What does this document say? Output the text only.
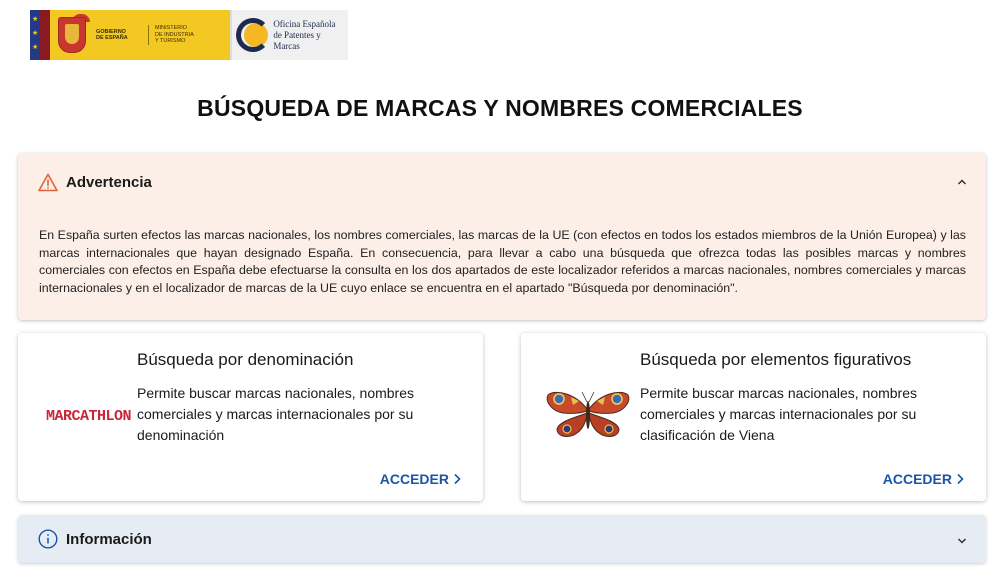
★
★
★
GOBIERNO
DE ESPAÑA
MINISTERIO
DE INDUSTRIA
Y TURISMO
Oficina Española
de Patentes y Marcas
BÚSQUEDA DE MARCAS Y NOMBRES COMERCIALES
Advertencia

En España surten efectos las marcas nacionales, los nombres comerciales, las marcas de la UE (con efectos en todos los estados miembros de la Unión Europea) y las marcas internacionales que hayan designado España. En consecuencia, para llevar a cabo una búsqueda que ofrezca todas las posibles marcas y nombres comerciales con efectos en España debe efectuarse la consulta en los dos apartados de este localizador referidos a marcas nacionales, nombres comerciales y marcas internacionales y en el localizador de marcas de la UE cuyo enlace se encuentra en el apartado "Búsqueda por denominación".

MARCATHLON
Búsqueda por denominación
Permite buscar marcas nacionales, nombres comerciales y marcas internacionales por su denominación
ACCEDER
Búsqueda por elementos figurativos
Permite buscar marcas nacionales, nombres comerciales y marcas internacionales por su clasificación de Viena
ACCEDER
Información
